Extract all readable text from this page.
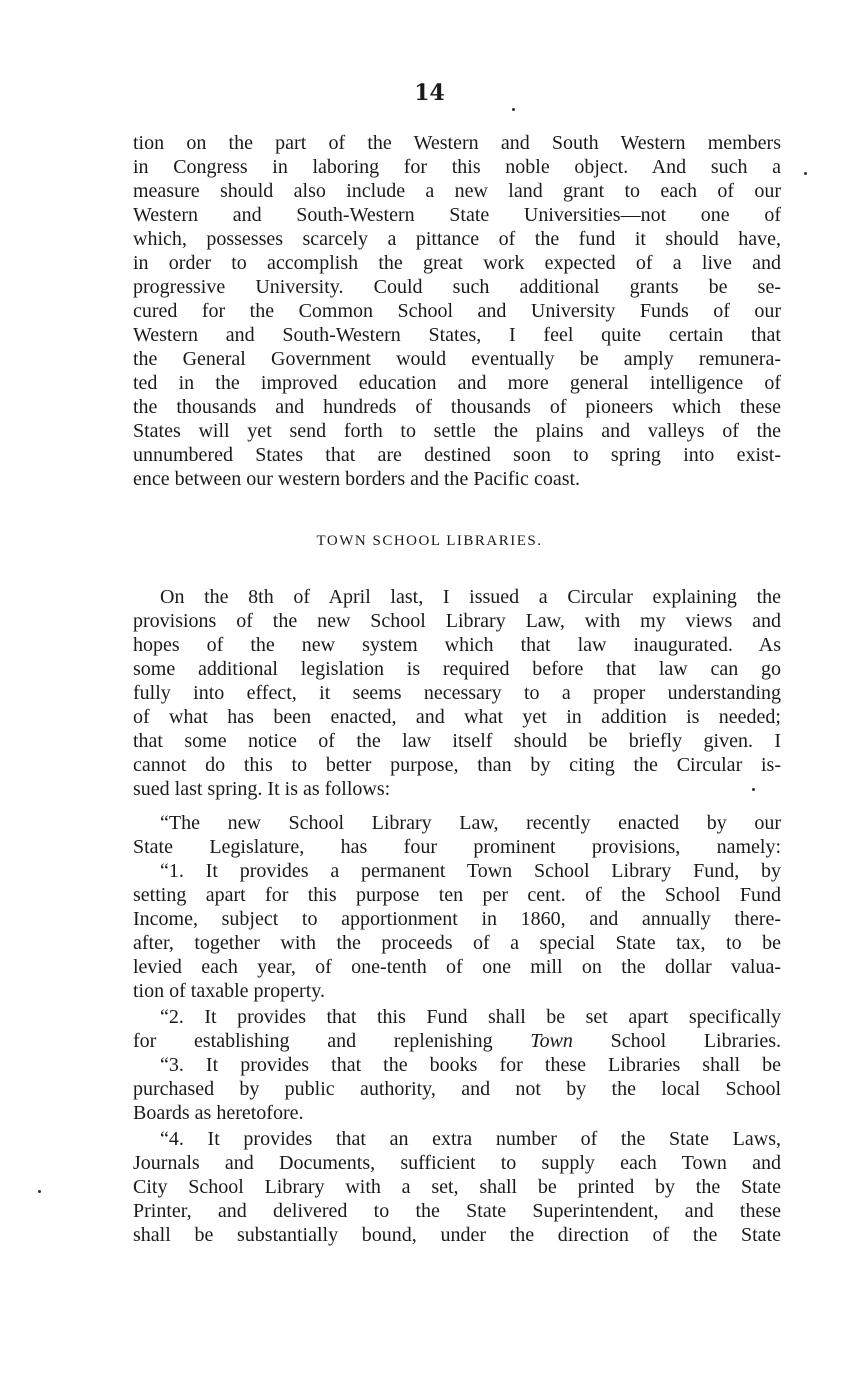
14
tion on the part of the Western and South Western members
in Congress in laboring for this noble object. And such a
measure should also include a new land grant to each of our
Western and South-Western State Universities—not one of
which, possesses scarcely a pittance of the fund it should have,
in order to accomplish the great work expected of a live and
progressive University. Could such additional grants be se-
cured for the Common School and University Funds of our
Western and South-Western States, I feel quite certain that
the General Government would eventually be amply remunera-
ted in the improved education and more general intelligence of
the thousands and hundreds of thousands of pioneers which these
States will yet send forth to settle the plains and valleys of the
unnumbered States that are destined soon to spring into exist-
ence between our western borders and the Pacific coast.
TOWN SCHOOL LIBRARIES.
On the 8th of April last, I issued a Circular explaining the
provisions of the new School Library Law, with my views and
hopes of the new system which that law inaugurated. As
some additional legislation is required before that law can go
fully into effect, it seems necessary to a proper understanding
of what has been enacted, and what yet in addition is needed;
that some notice of the law itself should be briefly given. I
cannot do this to better purpose, than by citing the Circular is-
sued last spring. It is as follows:
“The new School Library Law, recently enacted by our
State Legislature, has four prominent provisions, namely:
“1. It provides a permanent Town School Library Fund, by
setting apart for this purpose ten per cent. of the School Fund
Income, subject to apportionment in 1860, and annually there-
after, together with the proceeds of a special State tax, to be
levied each year, of one-tenth of one mill on the dollar valua-
tion of taxable property.
“2. It provides that this Fund shall be set apart specifically
for establishing and replenishing Town School Libraries.
“3. It provides that the books for these Libraries shall be
purchased by public authority, and not by the local School
Boards as heretofore.
“4. It provides that an extra number of the State Laws,
Journals and Documents, sufficient to supply each Town and
City School Library with a set, shall be printed by the State
Printer, and delivered to the State Superintendent, and these
shall be substantially bound, under the direction of the State
